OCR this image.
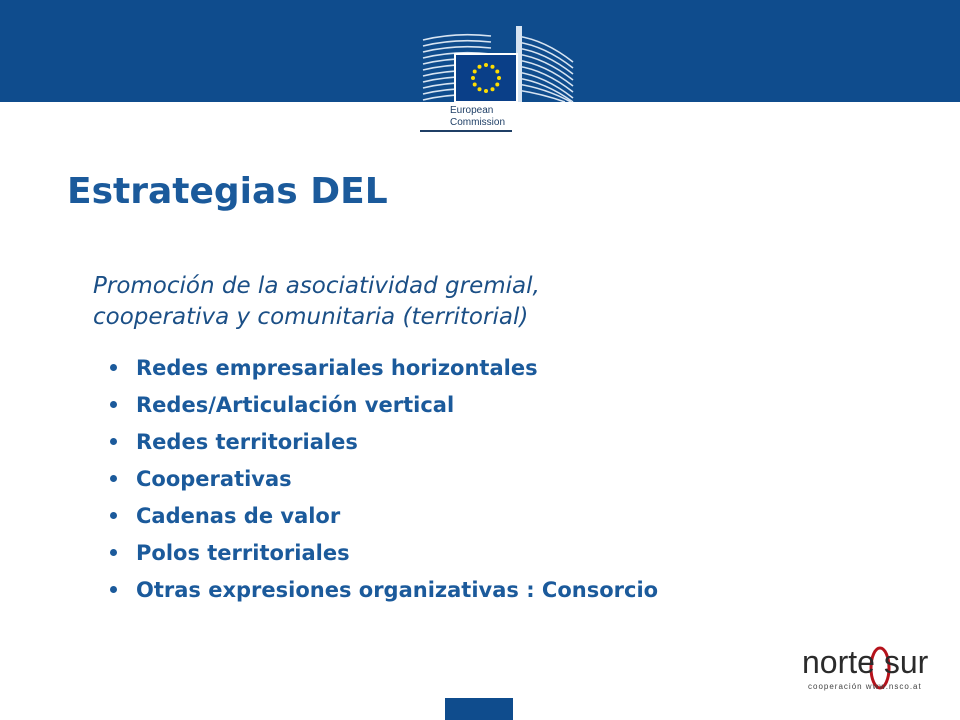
European
Commission
Estrategias DEL

Promoción de la asociatividad gremial,
cooperativa y comunitaria (territorial)

Redes empresariales horizontales
Redes/Articulación vertical
Redes territoriales
Cooperativas
Cadenas de valor
Polos territoriales
Otras expresiones organizativas : Consorcio
norte sur
cooperación www.nsco.at
